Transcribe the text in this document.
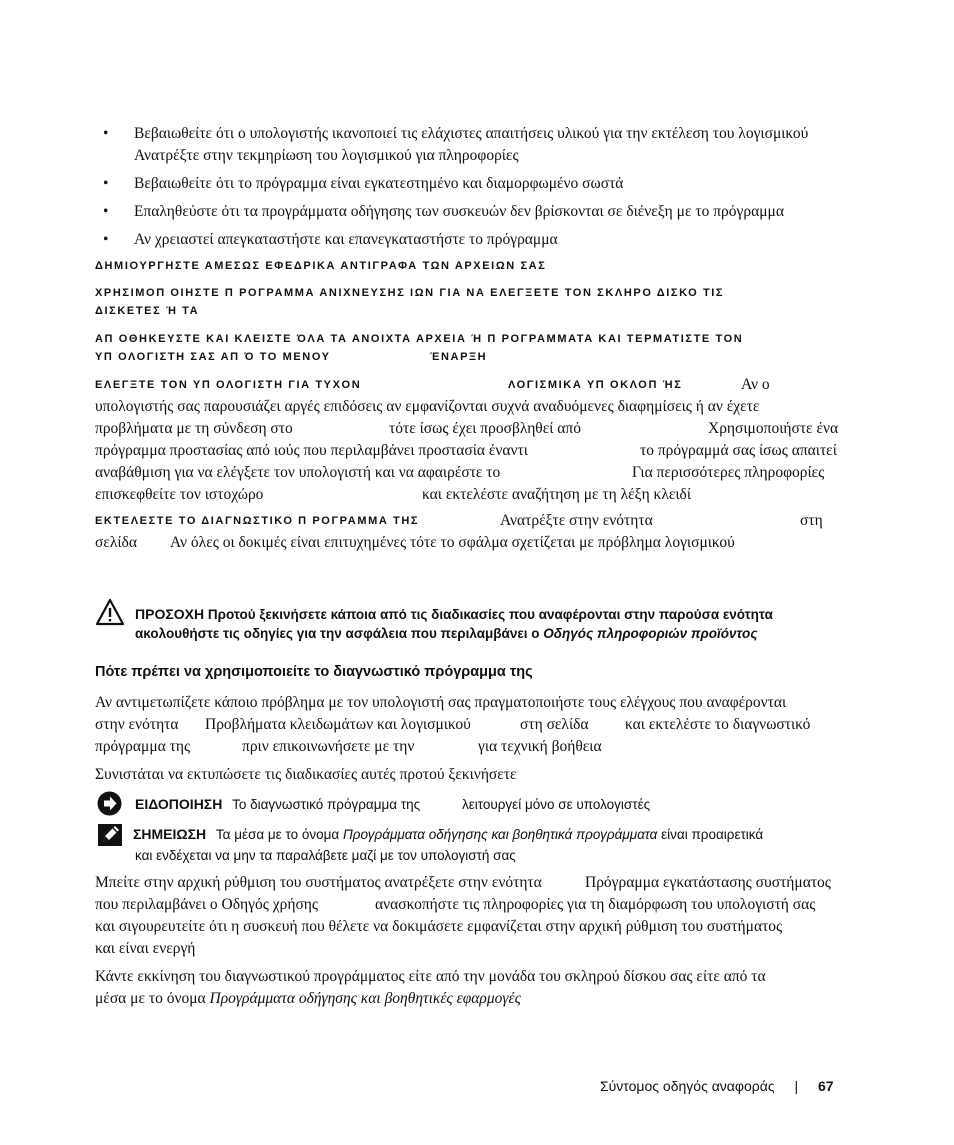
• Βεβαιωθείτε ότι ο υπολογιστής ικανοποιεί τις ελάχιστες απαιτήσεις υλικού για την εκτέλεση του λογισμικού
Ανατρέξτε στην τεκμηρίωση του λογισμικού για πληροφορίες
• Βεβαιωθείτε ότι το πρόγραμμα είναι εγκατεστημένο και διαμορφωμένο σωστά
• Επαληθεύστε ότι τα προγράμματα οδήγησης των συσκευών δεν βρίσκονται σε διένεξη με το πρόγραμμα
• Αν χρειαστεί απεγκαταστήστε και επανεγκαταστήστε το πρόγραμμα
ΔΗΜΙΟΥΡΓΗΣΤΕ ΑΜΕΣΩΣ ΕΦΕΔΡΙΚΑ ΑΝΤΙΓΡΑΦΑ ΤΩΝ ΑΡΧΕΙΩΝ ΣΑΣ
ΧΡΗΣΙΜΟΠ ΟΙΗΣΤΕ Π ΡΟΓΡΑΜΜΑ ΑΝΙΧΝΕΥΣΗΣ ΙΩΝ ΓΙΑ ΝΑ ΕΛΕΓΞΕΤΕ ΤΟΝ ΣΚΛΗΡΟ ΔΙΣΚΟ ΤΙΣ
ΔΙΣΚΕΤΕΣ Ή ΤΑ
ΑΠ ΟΘΗΚΕΥΣΤΕ ΚΑΙ ΚΛΕΙΣΤΕ ΌΛΑ ΤΑ ΑΝΟΙΧΤΑ ΑΡΧΕΙΑ Ή Π ΡΟΓΡΑΜΜΑΤΑ ΚΑΙ ΤΕΡΜΑΤΙΣΤΕ ΤΟΝ
ΥΠ ΟΛΟΓΙΣΤΗ ΣΑΣ ΑΠ Ό ΤΟ ΜΕΝΟΥ	ΈΝΑΡΞΗ
ΕΛΕΓΞΤΕ ΤΟΝ ΥΠ ΟΛΟΓΙΣΤΗ ΓΙΑ ΤΥΧΟΝ	ΛΟΓΙΣΜΙΚΑ ΥΠ ΟΚΛΟΠ ΉΣ	Αν ο
υπολογιστής σας παρουσιάζει αργές επιδόσεις αν εμφανίζονται συχνά αναδυόμενες διαφημίσεις ή αν έχετε
προβλήματα με τη σύνδεση στο	τότε ίσως έχει προσβληθεί από	Χρησιμοποιήστε ένα
πρόγραμμα προστασίας από ιούς που περιλαμβάνει προστασία έναντι	το πρόγραμμά σας ίσως απαιτεί
αναβάθμιση για να ελέγξετε τον υπολογιστή και να αφαιρέστε το	Για περισσότερες πληροφορίες
επισκεφθείτε τον ιστοχώρο	και εκτελέστε αναζήτηση με τη λέξη κλειδί
ΕΚΤΕΛΕΣΤΕ ΤΟ ΔΙΑΓΝΩΣΤΙΚΟ Π ΡΟΓΡΑΜΜΑ ΤΗΣ	Ανατρέξτε στην ενότητα	στη
σελίδα Αν όλες οι δοκιμές είναι επιτυχημένες τότε το σφάλμα σχετίζεται με πρόβλημα λογισμικού
ΠΡΟΣΟΧΗ Προτού ξεκινήσετε κάποια από τις διαδικασίες που αναφέρονται στην παρούσα ενότητα
ακολουθήστε τις οδηγίες για την ασφάλεια που περιλαμβάνει ο Οδηγός πληροφοριών προϊόντος
Πότε πρέπει να χρησιμοποιείτε το διαγνωστικό πρόγραμμα της
Αν αντιμετωπίζετε κάποιο πρόβλημα με τον υπολογιστή σας πραγματοποιήστε τους ελέγχους που αναφέρονται
στην ενότητα Προβλήματα κλειδωμάτων και λογισμικού	στη σελίδα και εκτελέστε το διαγνωστικό
πρόγραμμα της	πριν επικοινωνήσετε με την	για τεχνική βοήθεια
Συνιστάται να εκτυπώσετε τις διαδικασίες αυτές προτού ξεκινήσετε
ΕΙΔΟΠΟΙΗΣΗ Το διαγνωστικό πρόγραμμα της	λειτουργεί μόνο σε υπολογιστές
ΣΗΜΕΙΩΣΗ Τα μέσα με το όνομα Προγράμματα οδήγησης και βοηθητικά προγράμματα είναι προαιρετικά
και ενδέχεται να μην τα παραλάβετε μαζί με τον υπολογιστή σας
Μπείτε στην αρχική ρύθμιση του συστήματος ανατρέξετε στην ενότητα	Πρόγραμμα εγκατάστασης συστήματος
που περιλαμβάνει ο Οδηγός χρήσης	ανασκοπήστε τις πληροφορίες για τη διαμόρφωση του υπολογιστή σας
και σιγουρευτείτε ότι η συσκευή που θέλετε να δοκιμάσετε εμφανίζεται στην αρχική ρύθμιση του συστήματος
και είναι ενεργή
Κάντε εκκίνηση του διαγνωστικού προγράμματος είτε από την μονάδα του σκληρού δίσκου σας είτε από τα
μέσα με το όνομα Προγράμματα οδήγησης και βοηθητικές εφαρμογές
Σύντομος οδηγός αναφοράς | 67
